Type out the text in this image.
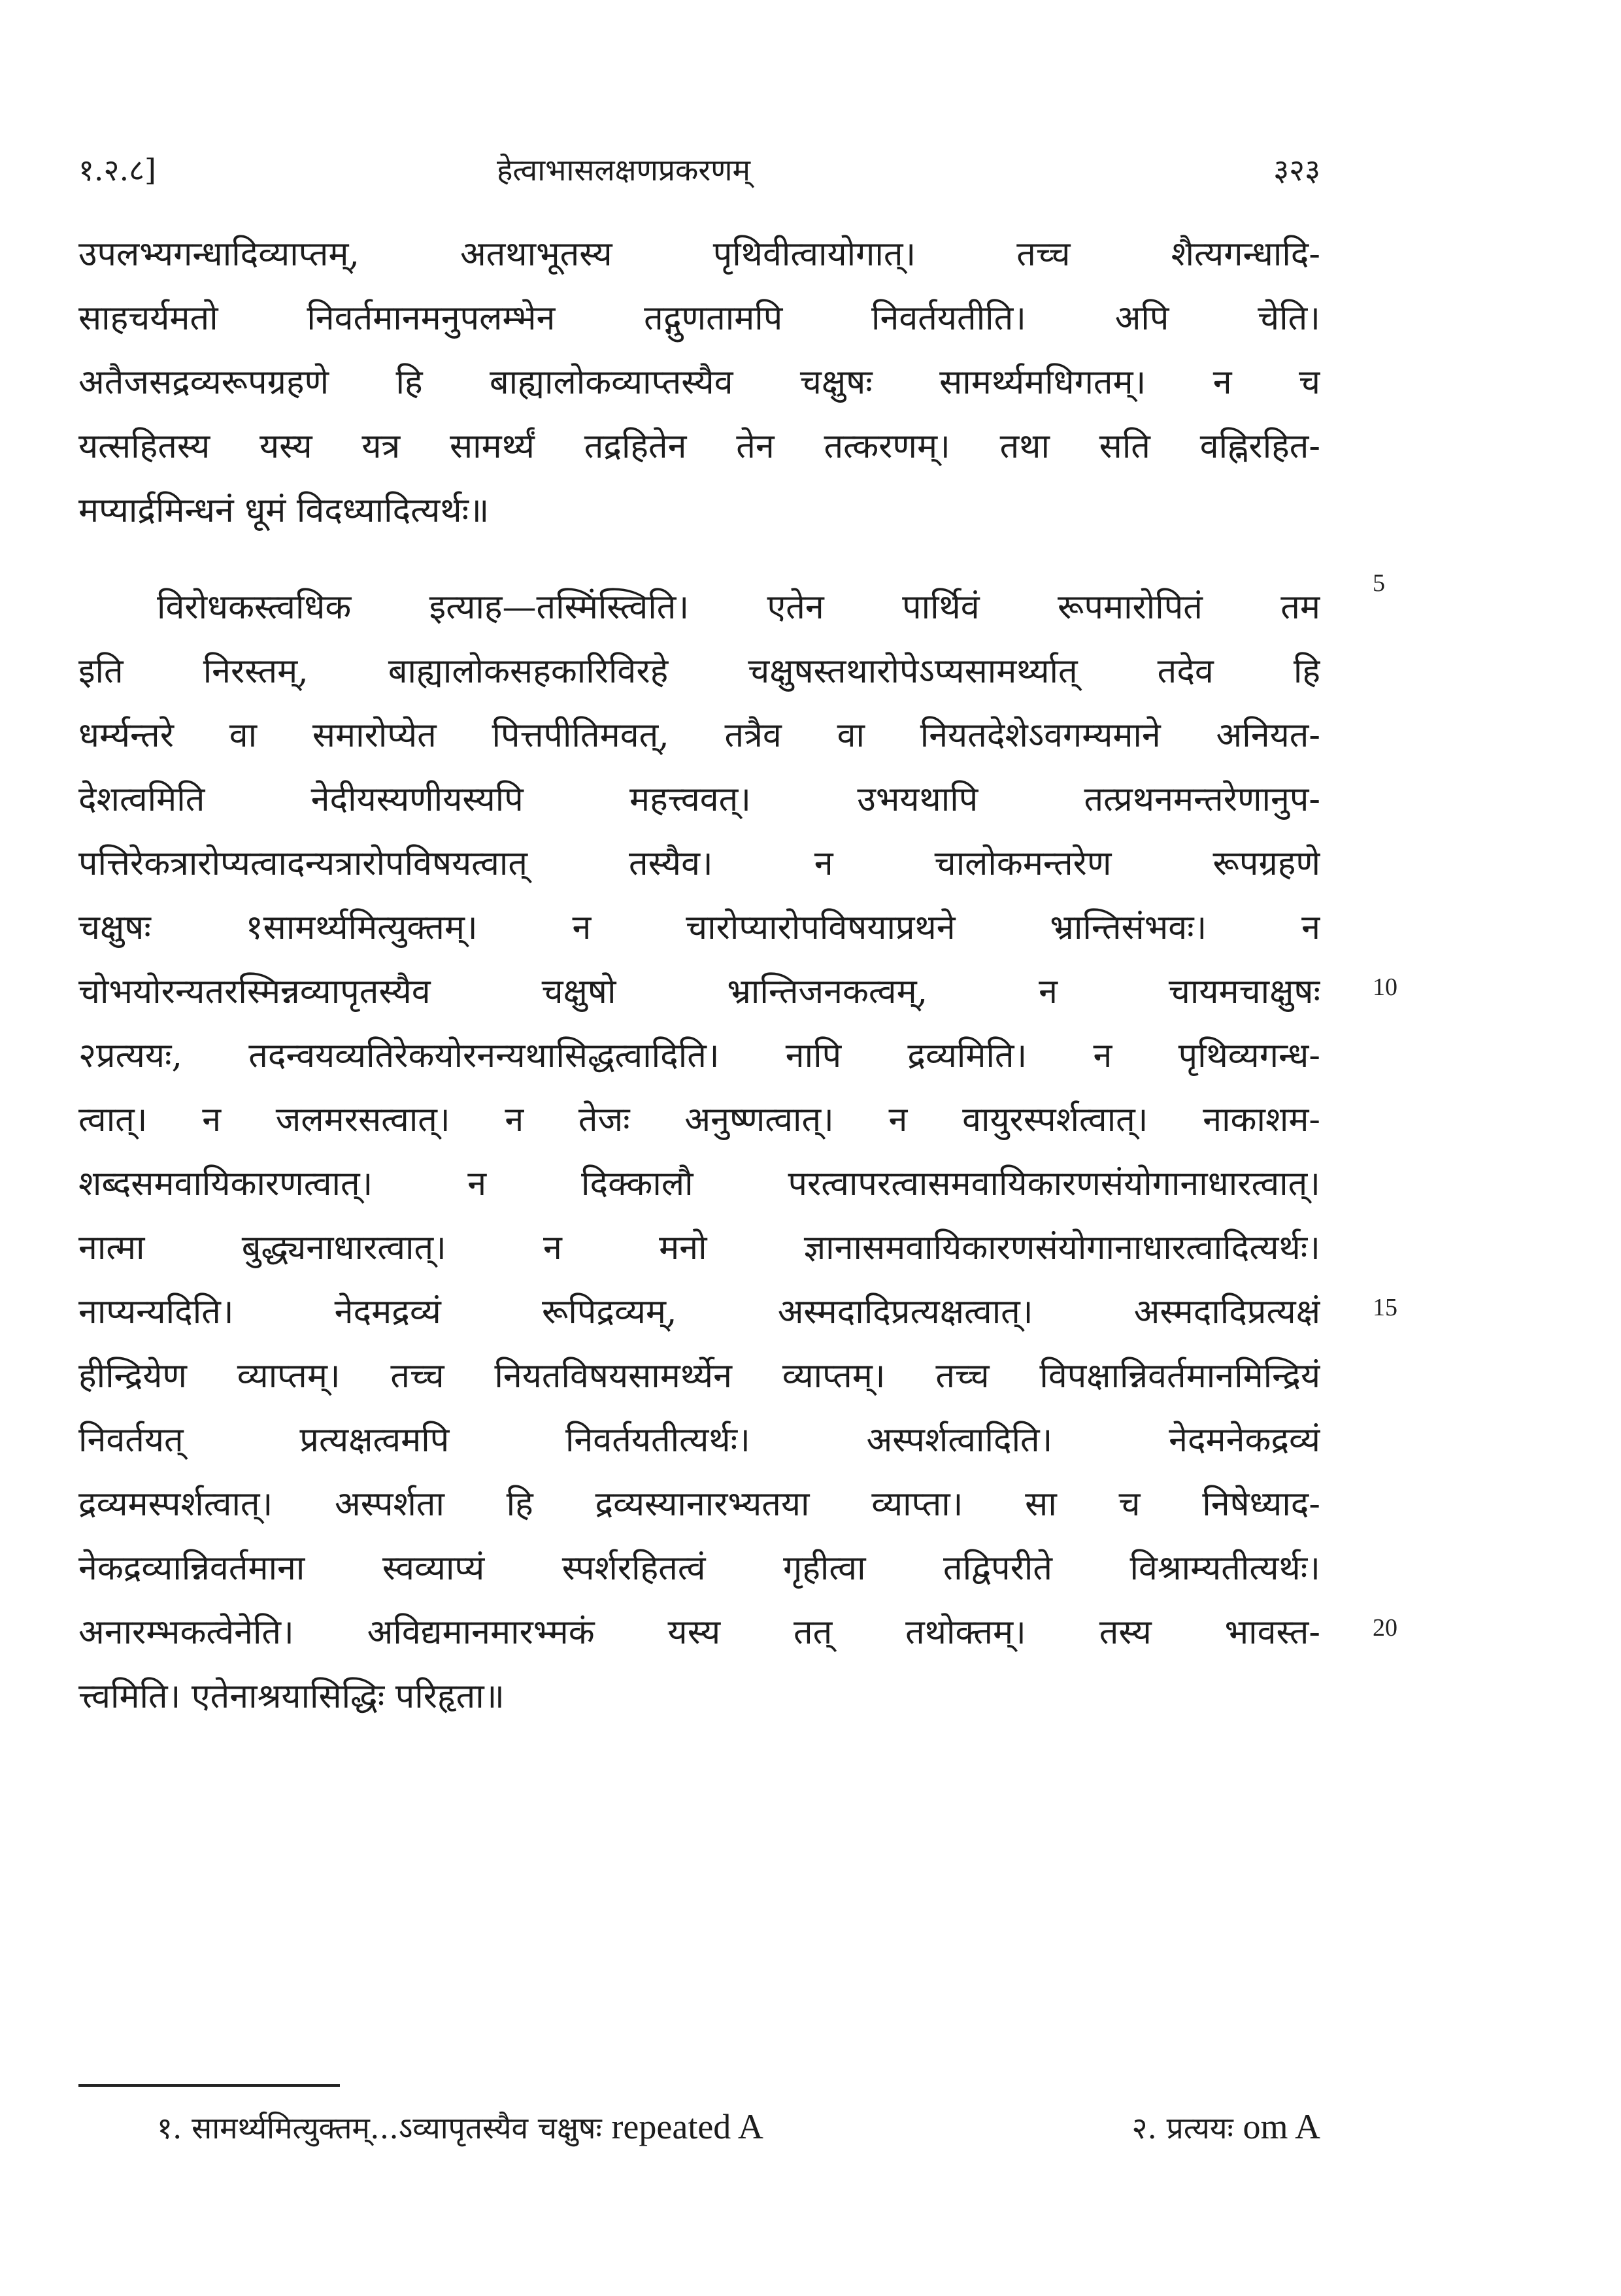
१.२.८]	हेत्वाभासलक्षणप्रकरणम्	३२३
उपलभ्यगन्धादिव्याप्तम्, अतथाभूतस्य पृथिवीत्वायोगात्। तच्च शैत्यगन्धादि-
साहचर्यमतो निवर्तमानमनुपलम्भेन तद्गुणतामपि निवर्तयतीति। अपि चेति।
अतैजसद्रव्यरूपग्रहणे हि बाह्यालोकव्याप्तस्यैव चक्षुषः सामर्थ्यमधिगतम्। न च
यत्सहितस्य यस्य यत्र सामर्थ्यं तद्रहितेन तेन तत्करणम्। तथा सति वह्निरहित-
मप्यार्द्रमिन्धनं धूमं विदध्यादित्यर्थः॥
विरोधकस्त्वधिक इत्याह—तस्मिंस्त्विति। एतेन पार्थिवं रूपमारोपितं तम
इति निरस्तम्, बाह्यालोकसहकारिविरहे चक्षुषस्तथारोपेऽप्यसामर्थ्यात् तदेव हि
धर्म्यन्तरे वा समारोप्येत पित्तपीतिमवत्, तत्रैव वा नियतदेशेऽवगम्यमाने अनियत-
देशत्वमिति नेदीयस्यणीयस्यपि महत्त्ववत्। उभयथापि तत्प्रथनमन्तरेणानुप-
पत्तिरेकत्रारोप्यत्वादन्यत्रारोपविषयत्वात् तस्यैव। न चालोकमन्तरेण रूपग्रहणे
चक्षुषः १सामर्थ्यमित्युक्तम्। न चारोप्यारोपविषयाप्रथने भ्रान्तिसंभवः। न
चोभयोरन्यतरस्मिन्नव्यापृतस्यैव चक्षुषो भ्रान्तिजनकत्वम्, न चायमचाक्षुषः
२प्रत्ययः, तदन्वयव्यतिरेकयोरनन्यथासिद्धत्वादिति। नापि द्रव्यमिति। न पृथिव्यगन्ध-
त्वात्। न जलमरसत्वात्। न तेजः अनुष्णत्वात्। न वायुरस्पर्शत्वात्। नाकाशम-
शब्दसमवायिकारणत्वात्। न दिक्कालौ परत्वापरत्वासमवायिकारणसंयोगानाधारत्वात्।
नात्मा बुद्ध्यनाधारत्वात्। न मनो ज्ञानासमवायिकारणसंयोगानाधारत्वादित्यर्थः।
नाप्यन्यदिति। नेदमद्रव्यं रूपिद्रव्यम्, अस्मदादिप्रत्यक्षत्वात्। अस्मदादिप्रत्यक्षं
हीन्द्रियेण व्याप्तम्। तच्च नियतविषयसामर्थ्येन व्याप्तम्। तच्च विपक्षान्निवर्तमानमिन्द्रियं
निवर्तयत् प्रत्यक्षत्वमपि निवर्तयतीत्यर्थः। अस्पर्शत्वादिति। नेदमनेकद्रव्यं
द्रव्यमस्पर्शत्वात्। अस्पर्शता हि द्रव्यस्यानारभ्यतया व्याप्ता। सा च निषेध्याद-
नेकद्रव्यान्निवर्तमाना स्वव्याप्यं स्पर्शरहितत्वं गृहीत्वा तद्विपरीते विश्राम्यतीत्यर्थः।
अनारम्भकत्वेनेति। अविद्यमानमारभ्मकं यस्य तत् तथोक्तम्। तस्य भावस्त-
त्त्वमिति। एतेनाश्रयासिद्धिः परिहृता॥
5
10
15
20
१. सामर्थ्यमित्युक्तम्...ऽव्यापृतस्यैव चक्षुषः repeated A	२. प्रत्ययः om A
